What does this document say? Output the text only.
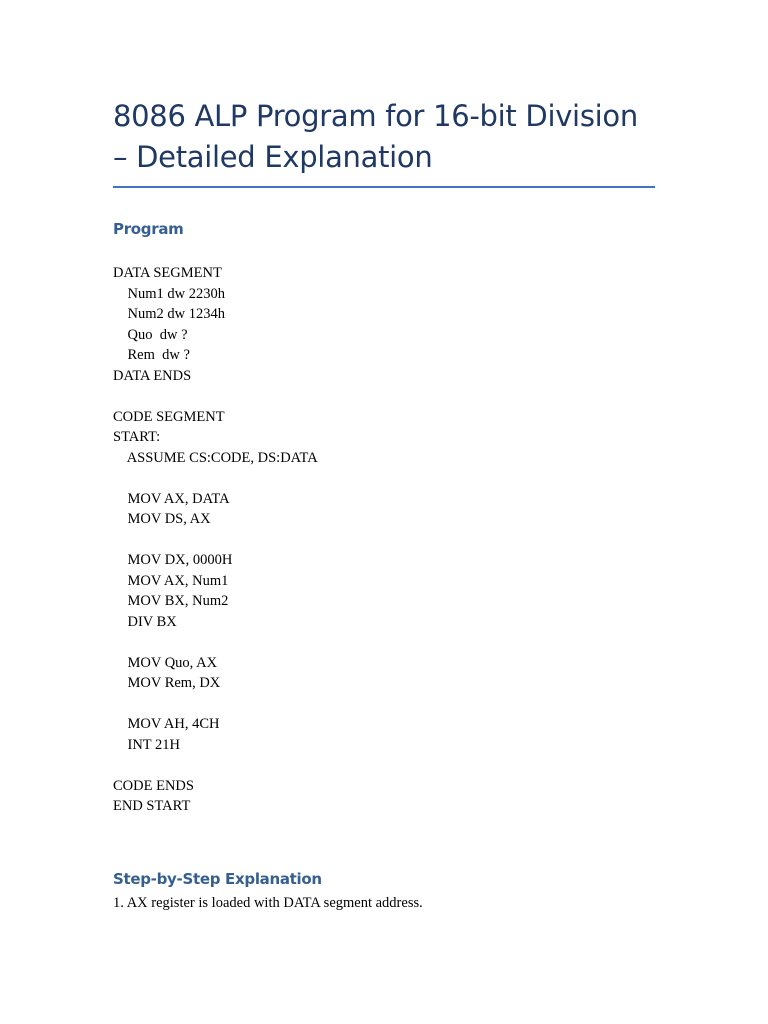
8086 ALP Program for 16-bit Division – Detailed Explanation
Program
DATA SEGMENT
Num1 dw 2230h
Num2 dw 1234h
Quo  dw ?
Rem  dw ?
DATA ENDS
CODE SEGMENT
START:
ASSUME CS:CODE, DS:DATA
MOV AX, DATA
MOV DS, AX
MOV DX, 0000H
MOV AX, Num1
MOV BX, Num2
DIV BX
MOV Quo, AX
MOV Rem, DX
MOV AH, 4CH
INT 21H
CODE ENDS
END START
Step-by-Step Explanation

1. AX register is loaded with DATA segment address.
